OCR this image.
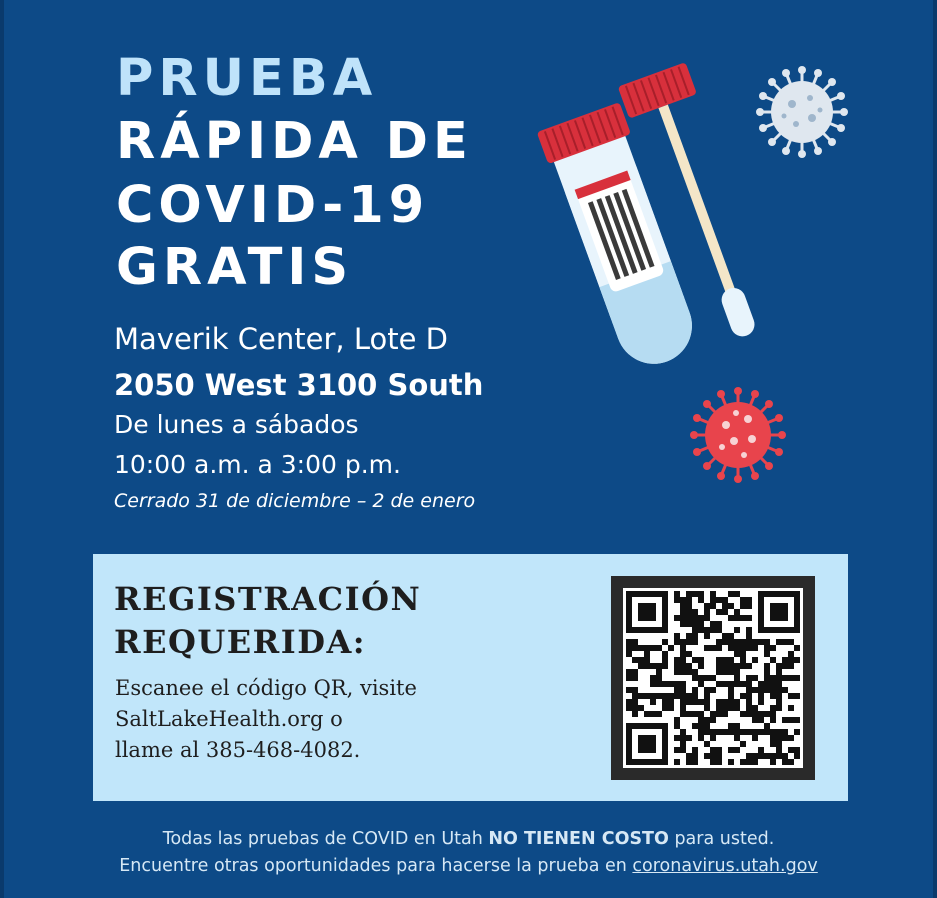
PRUEBA
RÁPIDA DE
COVID-19
GRATIS

Maverik Center, Lote D

2050 West 3100 South

De lunes a sábados

10:00 a.m. a 3:00 p.m.

Cerrado 31 de diciembre – 2 de enero

REGISTRACIÓN
REQUERIDA:

Escanee el código QR, visite

SaltLakeHealth.org o

llame al 385-468-4082.

Todas las pruebas de COVID en Utah NO TIENEN COSTO para usted.

Encuentre otras oportunidades para hacerse la prueba en coronavirus.utah.gov
